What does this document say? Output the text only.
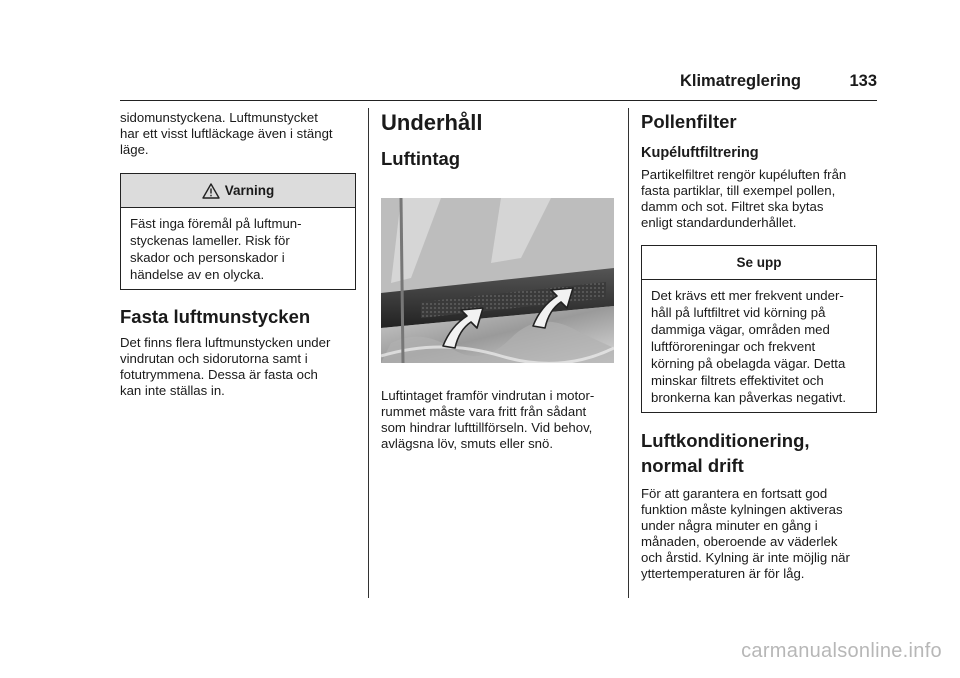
Klimatreglering	133

sidomunstyckena. Luftmunstycket
har ett visst luftläckage även i stängt
läge.

Varning
Fäst inga föremål på luftmun-
styckenas lameller. Risk för
skador och personskador i
händelse av en olycka.
Fasta luftmunstycken

Det finns flera luftmunstycken under
vindrutan och sidorutorna samt i
fotutrymmena. Dessa är fasta och
kan inte ställas in.

Underhåll
Luftintag

Luftintaget framför vindrutan i motor-
rummet måste vara fritt från sådant
som hindrar lufttillförseln. Vid behov,
avlägsna löv, smuts eller snö.

Pollenfilter
Kupéluftfiltrering

Partikelfiltret rengör kupéluften från
fasta partiklar, till exempel pollen,
damm och sot. Filtret ska bytas
enligt standardunderhållet.

Se upp
Det krävs ett mer frekvent under-
håll på luftfiltret vid körning på
dammiga vägar, områden med
luftföroreningar och frekvent
körning på obelagda vägar. Detta
minskar filtrets effektivitet och
bronkerna kan påverkas negativt.
Luftkonditionering,
normal drift

För att garantera en fortsatt god
funktion måste kylningen aktiveras
under några minuter en gång i
månaden, oberoende av väderlek
och årstid. Kylning är inte möjlig när
yttertemperaturen är för låg.

carmanualsonline.info
